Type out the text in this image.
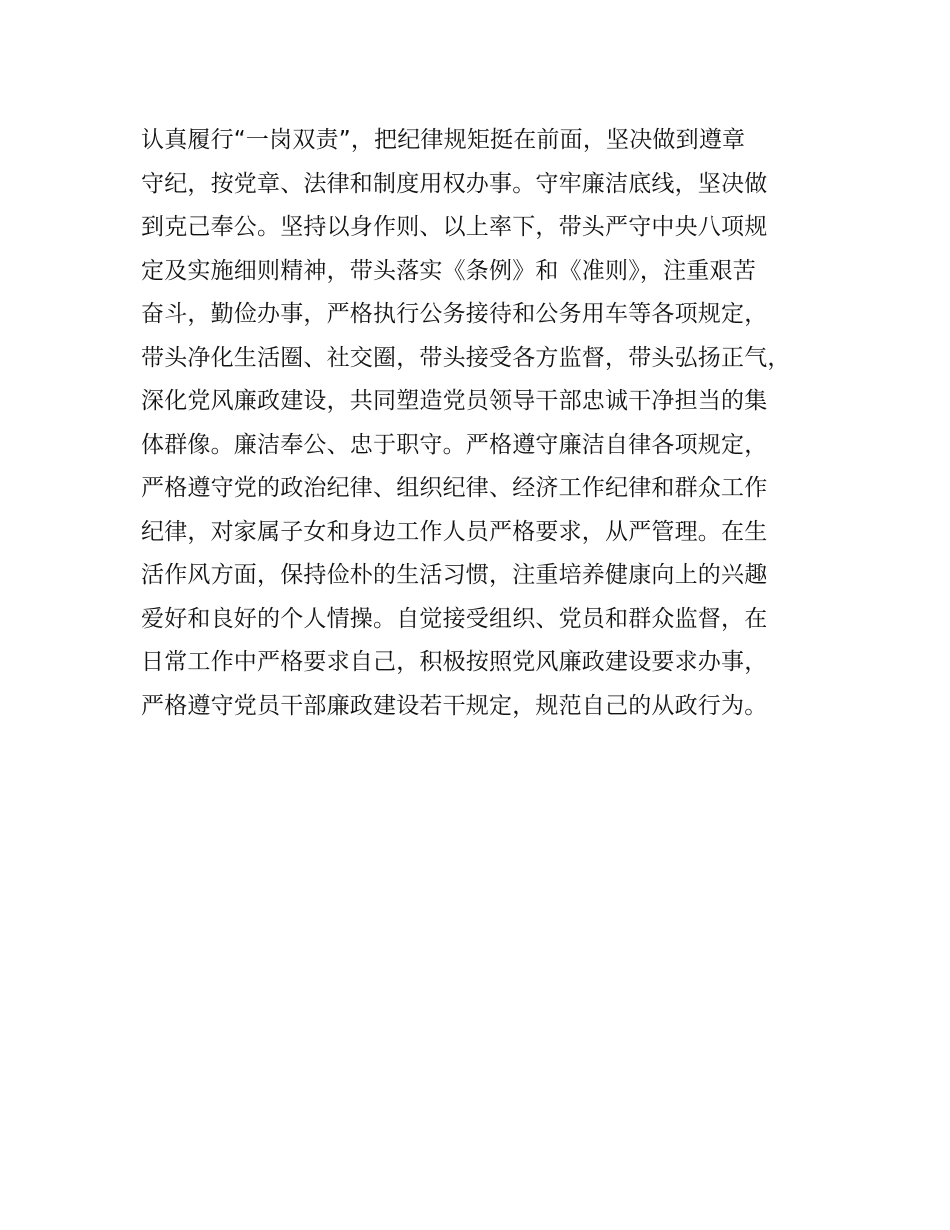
认真履行“一岗双责”，把纪律规矩挺在前面，坚决做到遵章
守纪，按党章、法律和制度用权办事。守牢廉洁底线，坚决做
到克己奉公。坚持以身作则、以上率下，带头严守中央八项规
定及实施细则精神，带头落实《条例》和《准则》，注重艰苦
奋斗，勤俭办事，严格执行公务接待和公务用车等各项规定，
带头净化生活圈、社交圈，带头接受各方监督，带头弘扬正气，
深化党风廉政建设，共同塑造党员领导干部忠诚干净担当的集
体群像。廉洁奉公、忠于职守。严格遵守廉洁自律各项规定，
严格遵守党的政治纪律、组织纪律、经济工作纪律和群众工作
纪律，对家属子女和身边工作人员严格要求，从严管理。在生
活作风方面，保持俭朴的生活习惯，注重培养健康向上的兴趣
爱好和良好的个人情操。自觉接受组织、党员和群众监督，在
日常工作中严格要求自己，积极按照党风廉政建设要求办事，
严格遵守党员干部廉政建设若干规定，规范自己的从政行为。
